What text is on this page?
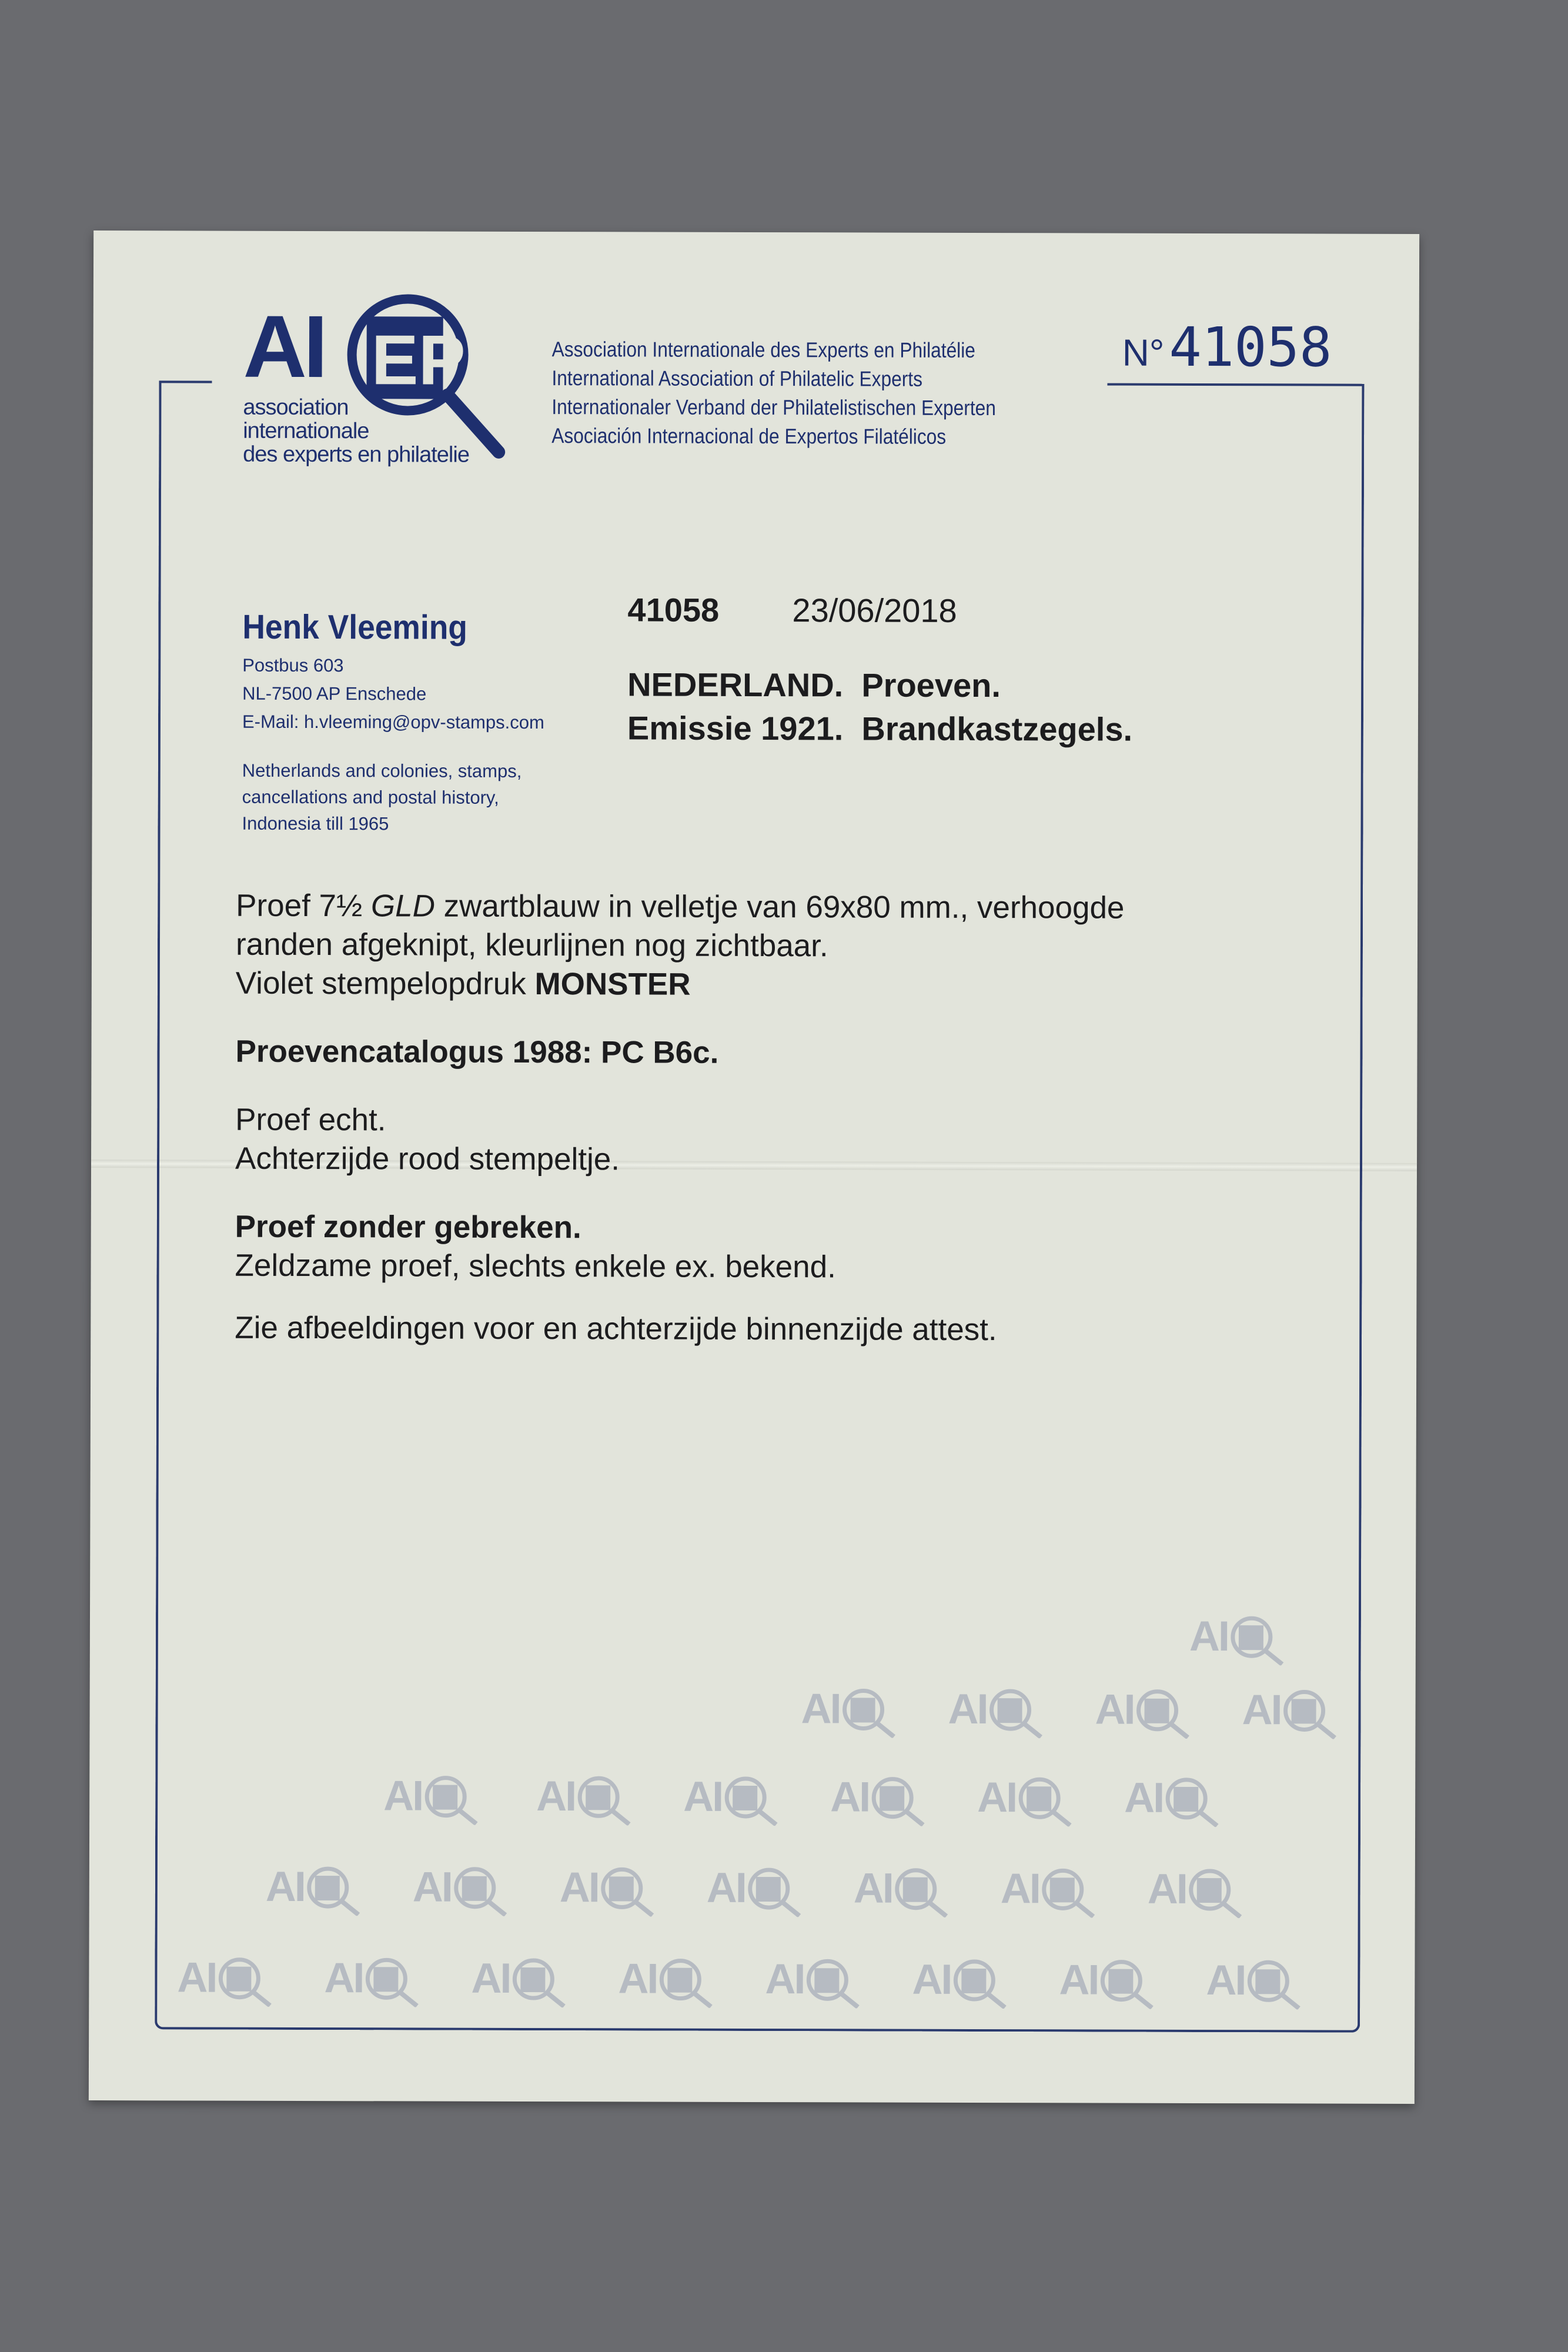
AI EP
association
internationale
des experts en philatelie
Association Internationale des Experts en Philatélie
International Association of Philatelic Experts
Internationaler Verband der Philatelistischen Experten
Asociación Internacional de Expertos Filatélicos
N°41058
Henk Vleeming
Postbus 603
NL-7500 AP Enschede
E-Mail: h.vleeming@opv-stamps.com
Netherlands and colonies, stamps,
cancellations and postal history,
Indonesia till 1965
41058 23/06/2018
NEDERLAND.  Proeven.
Emissie 1921.  Brandkastzegels.
Proef 7½ GLD zwartblauw in velletje van 69x80 mm., verhoogde
randen afgeknipt, kleurlijnen nog zichtbaar.
Violet stempelopdruk MONSTER
Proevencatalogus 1988: PC B6c.
Proef echt.
Achterzijde rood stempeltje.
Proef zonder gebreken.
Zeldzame proef, slechts enkele ex. bekend.
Zie afbeeldingen voor en achterzijde binnenzijde attest.
AI
AI	AI	AI	AI
AI	AI	AI	AI	AI	AI
AI	AI	AI	AI	AI	AI	AI
AI	AI	AI	AI	AI	AI	AI	AI
